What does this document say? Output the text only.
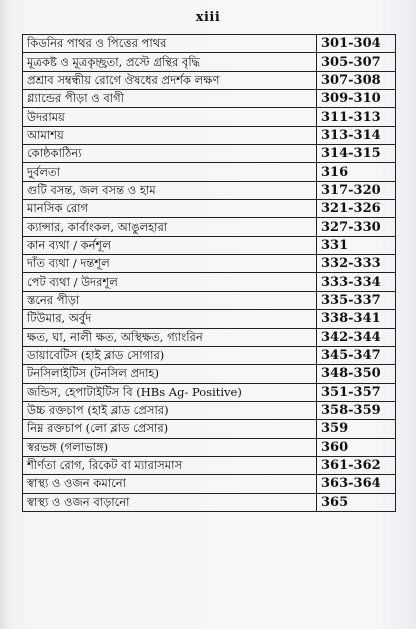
xiii
কিডনির পাথর ও পিত্তের পাথর	301-304
মূত্রকষ্ট ও মূত্রকৃচ্ছ্রতা, প্রস্টে গ্রন্থির বৃদ্ধি	305-307
প্রশ্রাব সম্বন্ধীয় রোগে ঔষধের প্রদর্শক লক্ষণ	307-308
গ্ল্যান্ডের পীড়া ও বাগী	309-310
উদরাময়	311-313
আমাশয়	313-314
কোষ্ঠকাঠিন্য	314-315
দুর্বলতা	316
গুটি বসন্ত, জল বসন্ত ও হাম	317-320
মানসিক রোগ	321-326
ক্যান্সার, কার্বাংকল, আঙুলহারা	327-330
কান ব্যথা / কর্নশূল	331
দাঁত ব্যথা / দন্তশূল	332-333
পেট ব্যথা / উদরশূল	333-334
স্তনের পীড়া	335-337
টিউমার, অর্বুদ	338-341
ক্ষত, ঘা, নালী ক্ষত, অস্থিক্ষত, গ্যাংরিন	342-344
ডায়াবেটিস (হাই ব্লাড সোগার)	345-347
টনসিলাইটিস (টনসিল প্রদাহ)	348-350
জন্ডিস, হেপাটাইটিস বি (HBs Ag- Positive)	351-357
উচ্চ রক্তচাপ (হাই ব্লাড প্রেসার)	358-359
নিম্ন রক্তচাপ (লো ব্লাড প্রেসার)	359
স্বরভঙ্গ (গলাভাঙ্গ)	360
শীর্ণতা রোগ, রিকেট বা ম্যারাসমাস	361-362
স্বাস্থ্য ও ওজন কমানো	363-364
স্বাস্থ্য ও ওজন বাড়ানো	365
